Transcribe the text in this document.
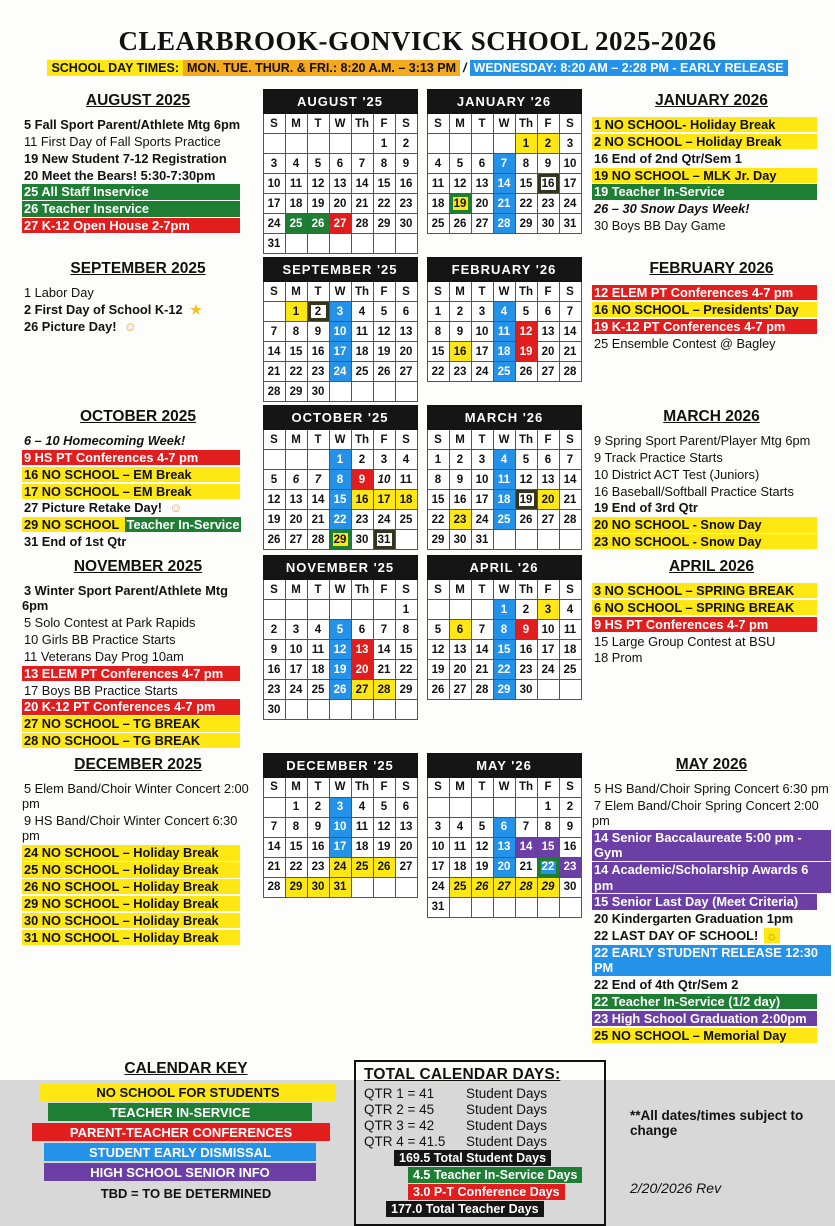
CLEARBROOK-GONVICK SCHOOL 2025-2026
SCHOOL DAY TIMES: MON. TUE. THUR. & FRI.: 8:20 A.M. – 3:13 PM / WEDNESDAY: 8:20 AM – 2:28 PM - EARLY RELEASE
AUGUST 2025
5 Fall Sport Parent/Athlete Mtg 6pm
11 First Day of Fall Sports Practice
19 New Student 7-12 Registration
20 Meet the Bears! 5:30-7:30pm
25 All Staff Inservice
26 Teacher Inservice
27 K-12 Open House 2-7pm
AUGUST '25						
S	M	T	W	Th	F	S
					1	2
3	4	5	6	7	8	9
10	11	12	13	14	15	16
17	18	19	20	21	22	23
24	25	26	27	28	29	30
31						
JANUARY '26						
S	M	T	W	Th	F	S
				1	2	3
4	5	6	7	8	9	10
11	12	13	14	15	16	17
18	19	20	21	22	23	24
25	26	27	28	29	30	31
JANUARY 2026
1 NO SCHOOL- Holiday Break
2 NO SCHOOL – Holiday Break
16 End of 2nd Qtr/Sem 1
19 NO SCHOOL – MLK Jr. Day
19 Teacher In-Service
26 – 30 Snow Days Week!
30 Boys BB Day Game
SEPTEMBER 2025
1 Labor Day
2 First Day of School K-12 ★
26 Picture Day! ☺
SEPTEMBER '25						
S	M	T	W	Th	F	S
	1	2	3	4	5	6
7	8	9	10	11	12	13
14	15	16	17	18	19	20
21	22	23	24	25	26	27
28	29	30				
FEBRUARY '26						
S	M	T	W	Th	F	S
1	2	3	4	5	6	7
8	9	10	11	12	13	14
15	16	17	18	19	20	21
22	23	24	25	26	27	28
FEBRUARY 2026
12 ELEM PT Conferences 4-7 pm
16 NO SCHOOL – Presidents' Day
19 K-12 PT Conferences 4-7 pm
25 Ensemble Contest @ Bagley
OCTOBER 2025
6 – 10 Homecoming Week!
9 HS PT Conferences 4-7 pm
16 NO SCHOOL – EM Break
17 NO SCHOOL – EM Break
27 Picture Retake Day! ☺
29 NO SCHOOL Teacher In-Service
31 End of 1st Qtr
OCTOBER '25						
S	M	T	W	Th	F	S
			1	2	3	4
5	6	7	8	9	10	11
12	13	14	15	16	17	18
19	20	21	22	23	24	25
26	27	28	29	30	31	
MARCH '26						
S	M	T	W	Th	F	S
1	2	3	4	5	6	7
8	9	10	11	12	13	14
15	16	17	18	19	20	21
22	23	24	25	26	27	28
29	30	31				
MARCH 2026
9 Spring Sport Parent/Player Mtg 6pm
9 Track Practice Starts
10 District ACT Test (Juniors)
16 Baseball/Softball Practice Starts
19 End of 3rd Qtr
20 NO SCHOOL - Snow Day
23 NO SCHOOL - Snow Day
NOVEMBER 2025
3 Winter Sport Parent/Athlete Mtg 6pm
5 Solo Contest at Park Rapids
10 Girls BB Practice Starts
11 Veterans Day Prog 10am
13 ELEM PT Conferences 4-7 pm
17 Boys BB Practice Starts
20 K-12 PT Conferences 4-7 pm
27 NO SCHOOL – TG BREAK
28 NO SCHOOL – TG BREAK
NOVEMBER '25						
S	M	T	W	Th	F	S
						1
2	3	4	5	6	7	8
9	10	11	12	13	14	15
16	17	18	19	20	21	22
23	24	25	26	27	28	29
30						
APRIL '26						
S	M	T	W	Th	F	S
			1	2	3	4
5	6	7	8	9	10	11
12	13	14	15	16	17	18
19	20	21	22	23	24	25
26	27	28	29	30		
APRIL 2026
3 NO SCHOOL – SPRING BREAK
6 NO SCHOOL – SPRING BREAK
9 HS PT Conferences 4-7 pm
15 Large Group Contest at BSU
18 Prom
DECEMBER 2025
5 Elem Band/Choir Winter Concert 2:00 pm
9 HS Band/Choir Winter Concert 6:30 pm
24 NO SCHOOL – Holiday Break
25 NO SCHOOL – Holiday Break
26 NO SCHOOL – Holiday Break
29 NO SCHOOL – Holiday Break
30 NO SCHOOL – Holiday Break
31 NO SCHOOL – Holiday Break
DECEMBER '25						
S	M	T	W	Th	F	S
	1	2	3	4	5	6
7	8	9	10	11	12	13
14	15	16	17	18	19	20
21	22	23	24	25	26	27
28	29	30	31			
MAY '26						
S	M	T	W	Th	F	S
					1	2
3	4	5	6	7	8	9
10	11	12	13	14	15	16
17	18	19	20	21	22	23
24	25	26	27	28	29	30
31						
MAY 2026
5 HS Band/Choir Spring Concert 6:30 pm
7 Elem Band/Choir Spring Concert 2:00 pm
14 Senior Baccalaureate 5:00 pm - Gym
14 Academic/Scholarship Awards 6 pm
15 Senior Last Day (Meet Criteria)
20 Kindergarten Graduation 1pm
22 LAST DAY OF SCHOOL! ☼
22 EARLY STUDENT RELEASE 12:30 PM
22 End of 4th Qtr/Sem 2
22 Teacher In-Service (1/2 day)
23 High School Graduation 2:00pm
25 NO SCHOOL – Memorial Day
CALENDAR KEY
NO SCHOOL FOR STUDENTS
TEACHER IN-SERVICE
PARENT-TEACHER CONFERENCES
STUDENT EARLY DISMISSAL
HIGH SCHOOL SENIOR INFO
TBD = TO BE DETERMINED
TOTAL CALENDAR DAYS:
QTR 1 = 41	Student Days
QTR 2 = 45	Student Days
QTR 3 = 42	Student Days
QTR 4 = 41.5	Student Days
169.5 Total Student Days
4.5 Teacher In-Service Days
3.0 P-T Conference Days
177.0 Total Teacher Days
**All dates/times subject to change
2/20/2026 Rev
